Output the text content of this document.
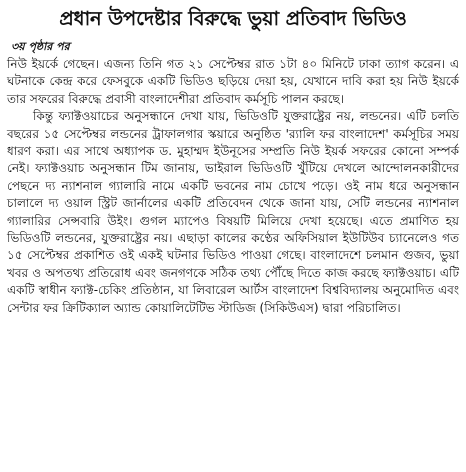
প্রধান উপদেষ্টার বিরুদ্ধে ভুয়া প্রতিবাদ ভিডিও
৩য় পৃষ্ঠার পর

নিউ ইয়র্কে গেছেন। এজন্য তিনি গত ২১ সেপ্টেম্বর রাত ১টা ৪০ মিনিটে ঢাকা ত্যাগ করেন। এ ঘটনাকে কেন্দ্র করে ফেসবুকে একটি ভিডিও ছড়িয়ে দেয়া হয়, যেখানে দাবি করা হয় নিউ ইয়র্কে তার সফরের বিরুদ্ধে প্রবাসী বাংলাদেশীরা প্রতিবাদ কর্মসূচি পালন করছে।

কিন্তু ফ্যাক্টওয়াচের অনুসন্ধানে দেখা যায়, ভিডিওটি যুক্তরাষ্ট্রের নয়, লন্ডনের। এটি চলতি বছরের ১৫ সেপ্টেম্বর লন্ডনের ট্রাফালগার স্কয়ারে অনুষ্ঠিত 'র‍্যালি ফর বাংলাদেশ' কর্মসূচির সময় ধারণ করা। এর সাথে অধ্যাপক ড. মুহাম্মদ ইউনূসের সম্প্রতি নিউ ইয়র্ক সফরের কোনো সম্পর্ক নেই। ফ্যাক্টওয়াচ অনুসন্ধান টিম জানায়, ভাইরাল ভিডিওটি খুঁটিয়ে দেখলে আন্দোলনকারীদের পেছনে দ্য ন্যাশনাল গ্যালারি নামে একটি ভবনের নাম চোখে পড়ে। ওই নাম ধরে অনুসন্ধান চালালে দ্য ওয়াল স্ট্রিট জার্নালের একটি প্রতিবেদন থেকে জানা যায়, সেটি লন্ডনের ন্যাশনাল গ্যালারির সেন্সবারি উইং। গুগল ম্যাপেও বিষয়টি মিলিয়ে দেখা হয়েছে। এতে প্রমাণিত হয় ভিডিওটি লন্ডনের, যুক্তরাষ্ট্রের নয়। এছাড়া কালের কণ্ঠের অফিসিয়াল ইউটিউব চ্যানেলেও গত ১৫ সেপ্টেম্বর প্রকাশিত ওই একই ঘটনার ভিডিও পাওয়া গেছে। বাংলাদেশে চলমান গুজব, ভুয়া খবর ও অপতথ্য প্রতিরোধ এবং জনগণকে সঠিক তথ্য পৌঁছে দিতে কাজ করছে ফ্যাক্টওয়াচ। এটি একটি স্বাধীন ফ্যাক্ট-চেকিং প্রতিষ্ঠান, যা লিবারেল আর্টস বাংলাদেশ বিশ্ববিদ্যালয় অনুমোদিত এবং সেন্টার ফর ক্রিটিক্যাল অ্যান্ড কোয়ালিটেটিভ স্টাডিজ (সিকিউএস) দ্বারা পরিচালিত।
